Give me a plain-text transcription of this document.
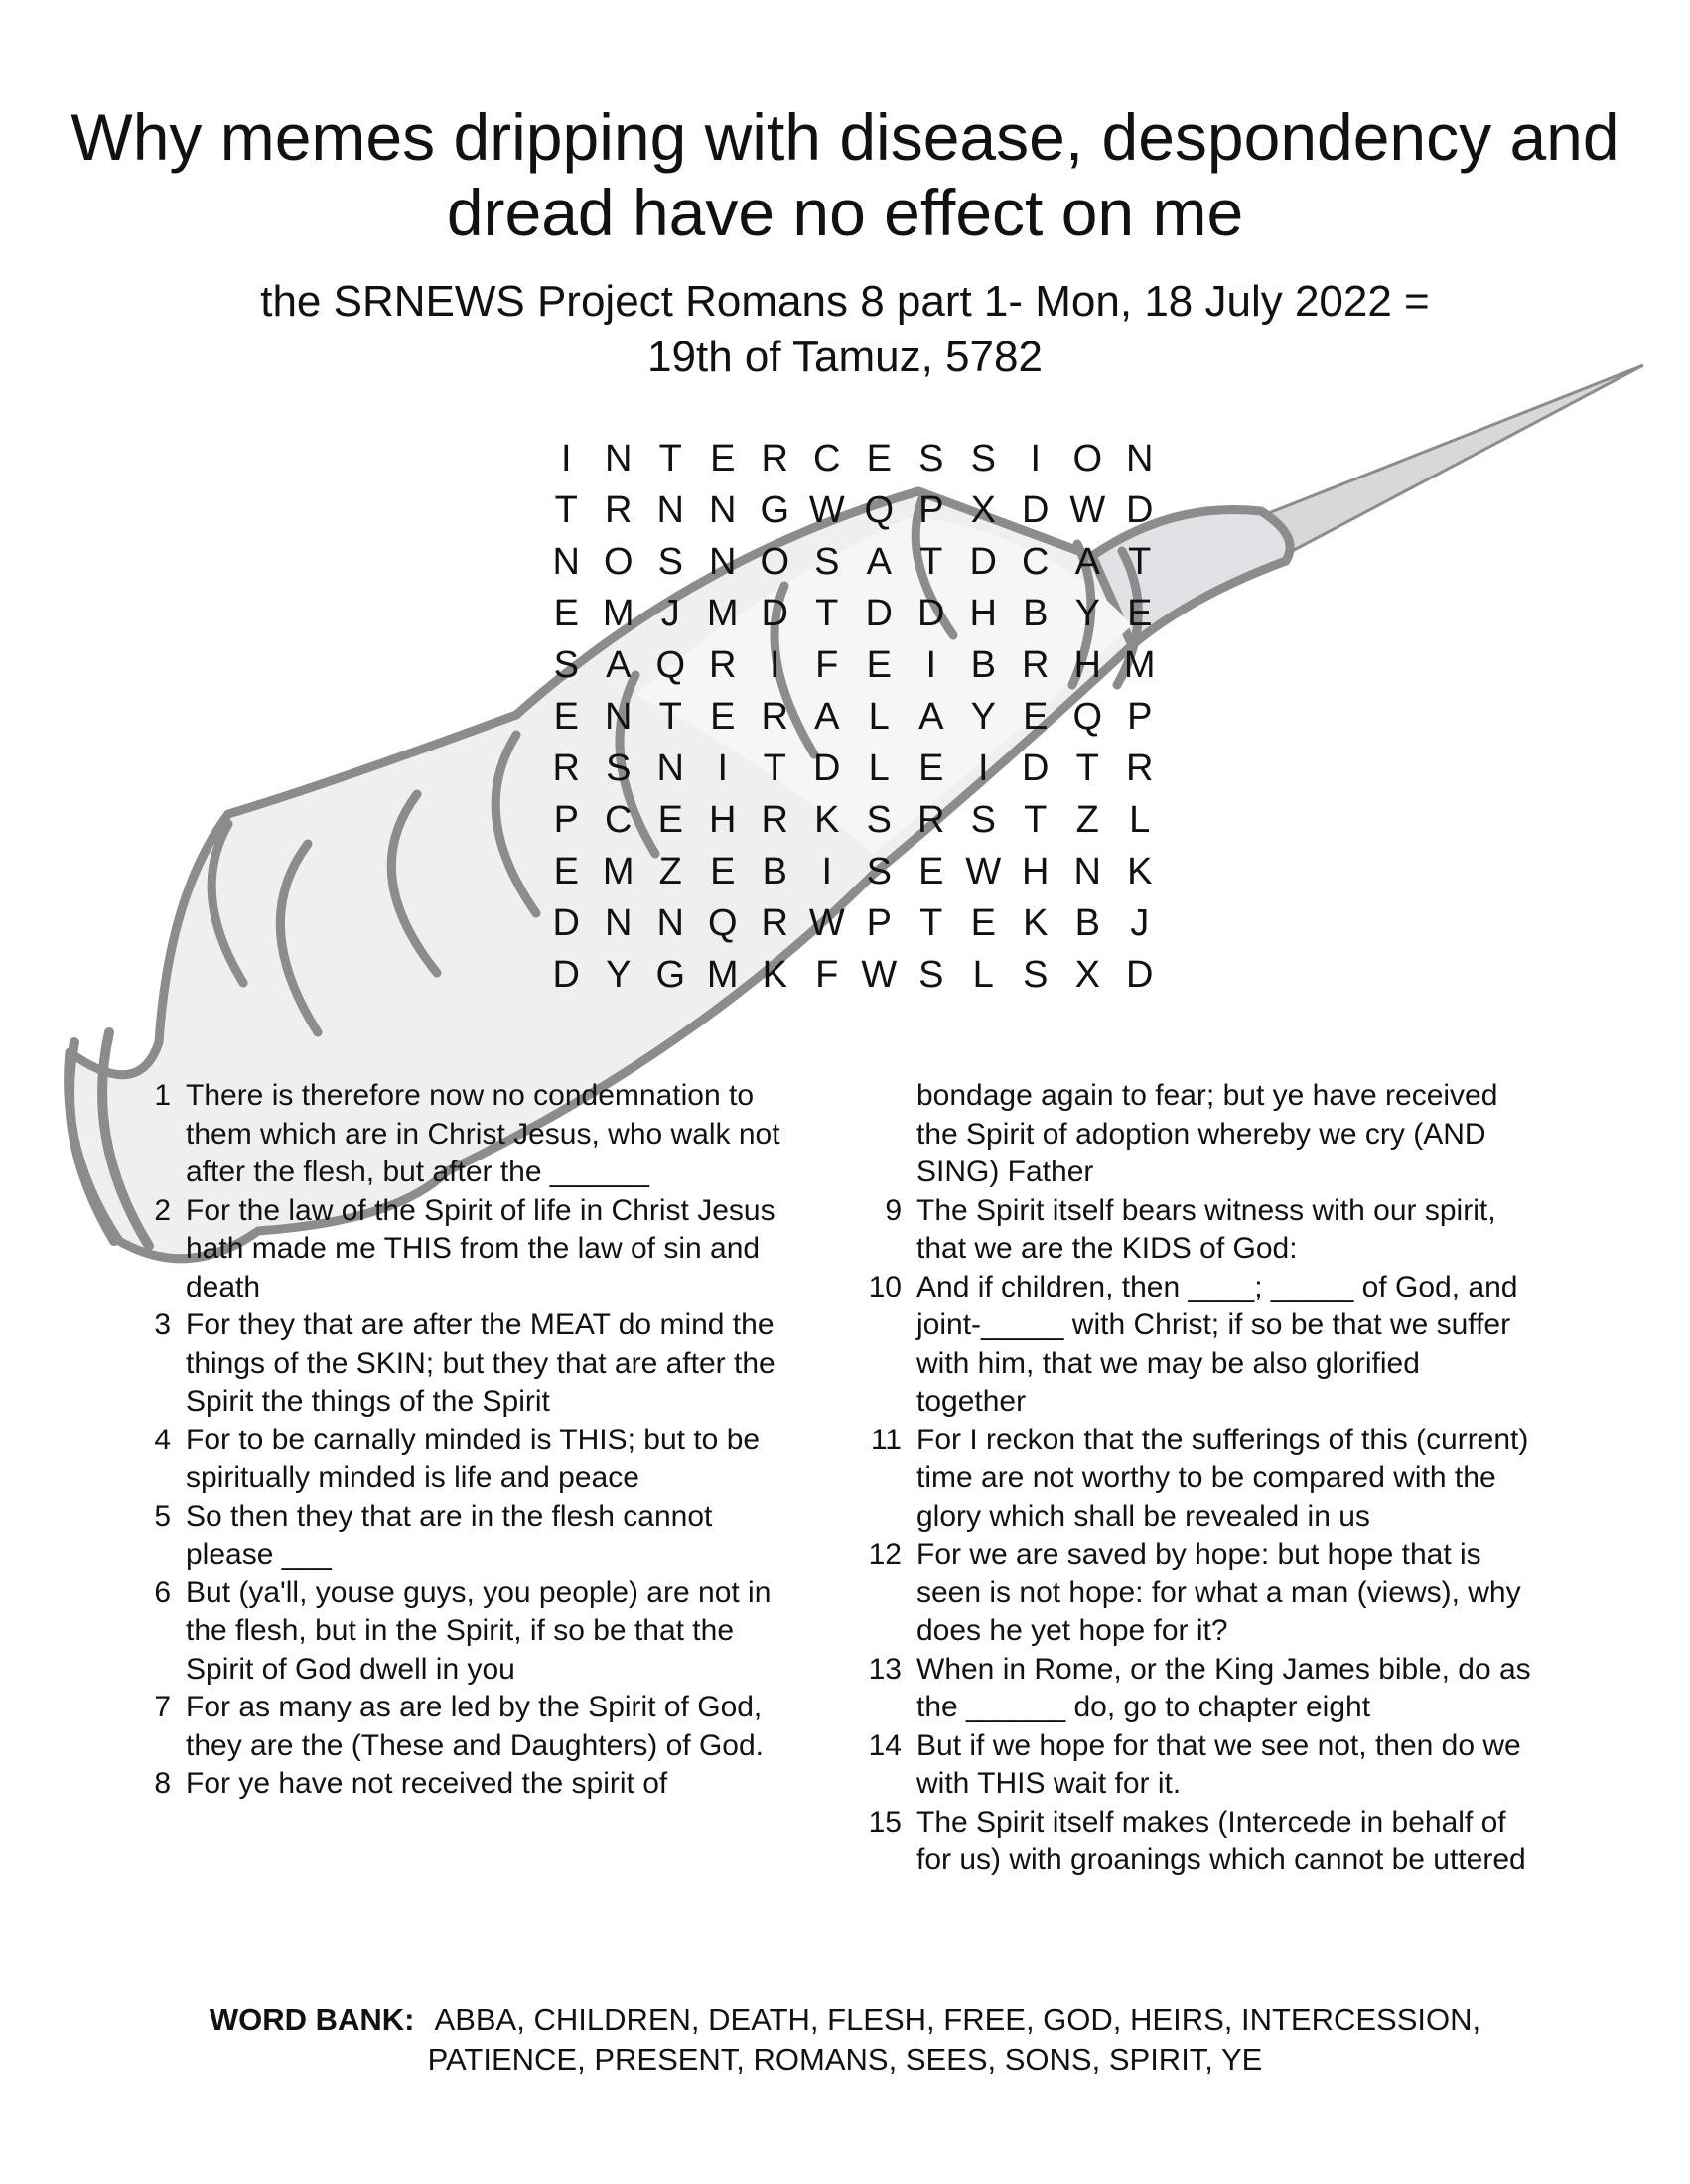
Why memes dripping with disease, despondency and dread have no effect on me
the SRNEWS Project Romans 8 part 1- Mon, 18 July 2022 =
19th of Tamuz, 5782
I N T E R C E S S I O N
T R N N G W Q P X D W D
N O S N O S A T D C A T
E M J M D T D D H B Y E
S A Q R I F E I B R H M
E N T E R A L A Y E Q P
R S N I T D L E I D T R
P C E H R K S R S T Z L
E M Z E B I S E W H N K
D N N Q R W P T E K B J
D Y G M K F W S L S X D
1 There is therefore now no condemnation to them which are in Christ Jesus, who walk not after the flesh, but after the ______
2 For the law of the Spirit of life in Christ Jesus hath made me THIS from the law of sin and death
3 For they that are after the MEAT do mind the things of the SKIN; but they that are after the Spirit the things of the Spirit
4 For to be carnally minded is THIS; but to be spiritually minded is life and peace
5 So then they that are in the flesh cannot please ___
6 But (ya'll, youse guys, you people) are not in the flesh, but in the Spirit, if so be that the Spirit of God dwell in you
7 For as many as are led by the Spirit of God, they are the (These and Daughters) of God.
8 For ye have not received the spirit of
bondage again to fear; but ye have received the Spirit of adoption whereby we cry (AND SING) Father
9 The Spirit itself bears witness with our spirit, that we are the KIDS of God:
10 And if children, then ____; _____ of God, and joint-_____ with Christ; if so be that we suffer with him, that we may be also glorified together
11 For I reckon that the sufferings of this (current) time are not worthy to be compared with the glory which shall be revealed in us
12 For we are saved by hope: but hope that is seen is not hope: for what a man (views), why does he yet hope for it?
13 When in Rome, or the King James bible, do as the ______ do, go to chapter eight
14 But if we hope for that we see not, then do we with THIS wait for it.
15 The Spirit itself makes (Intercede in behalf of for us) with groanings which cannot be uttered
WORD BANK: ABBA, CHILDREN, DEATH, FLESH, FREE, GOD, HEIRS, INTERCESSION,
PATIENCE, PRESENT, ROMANS, SEES, SONS, SPIRIT, YE
